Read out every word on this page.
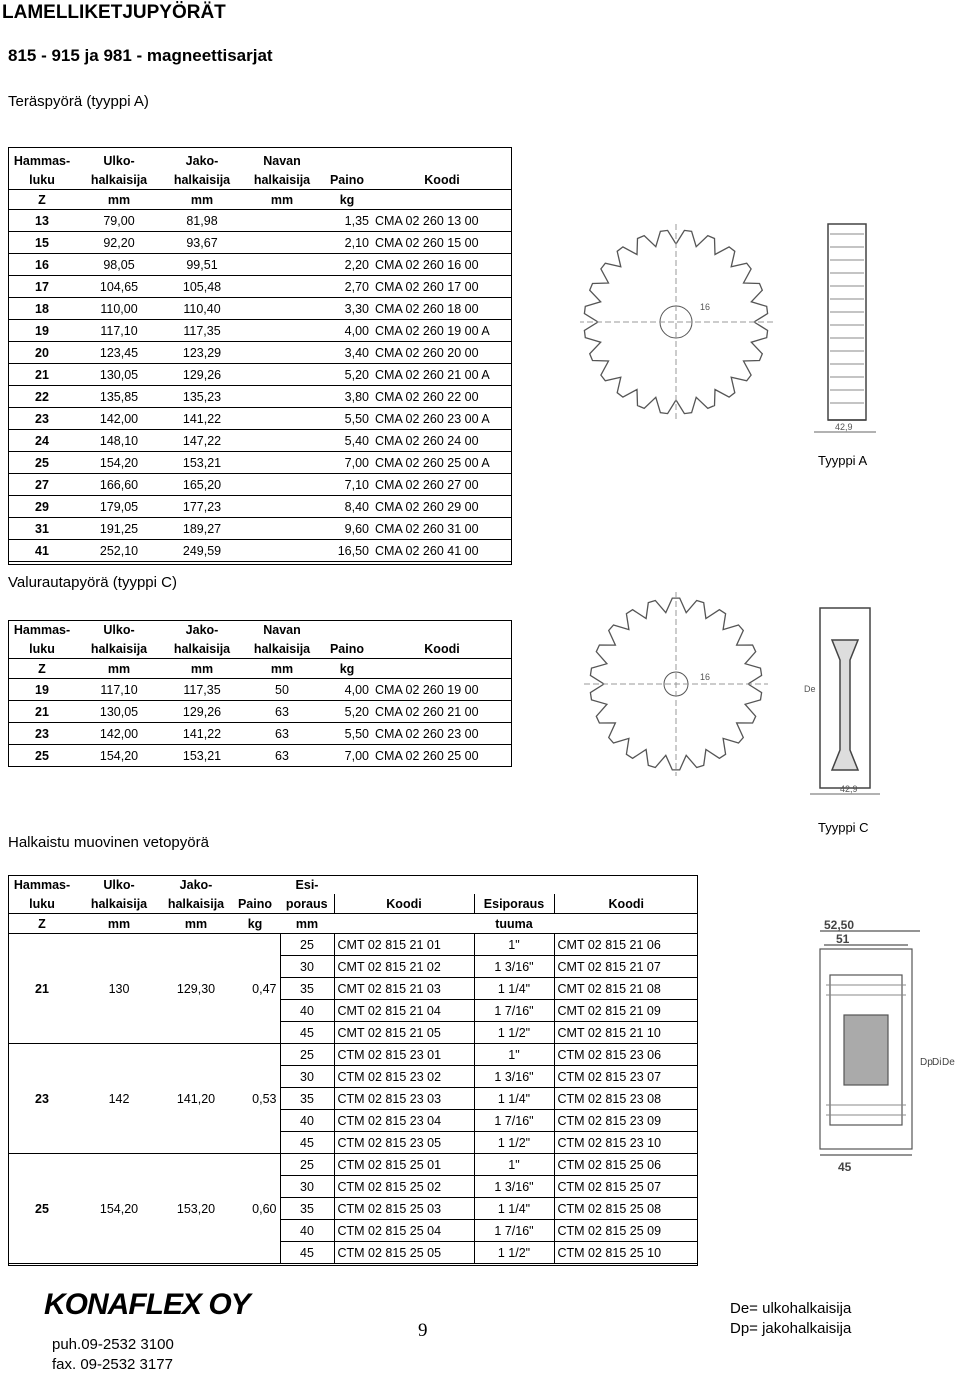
LAMELLIKETJUPYÖRÄT
815 - 915 ja 981 - magneettisarjat
Teräspyörä (tyyppi A)
Hammas-	Ulko-	Jako-	Navan		
luku	halkaisija	halkaisija	halkaisija	Paino	Koodi
Z	mm	mm	mm	kg	
13	79,00	81,98		1,35	CMA 02 260 13 00
15	92,20	93,67		2,10	CMA 02 260 15 00
16	98,05	99,51		2,20	CMA 02 260 16 00
17	104,65	105,48		2,70	CMA 02 260 17 00
18	110,00	110,40		3,30	CMA 02 260 18 00
19	117,10	117,35		4,00	CMA 02 260 19 00 A
20	123,45	123,29		3,40	CMA 02 260 20 00
21	130,05	129,26		5,20	CMA 02 260 21 00 A
22	135,85	135,23		3,80	CMA 02 260 22 00
23	142,00	141,22		5,50	CMA 02 260 23 00 A
24	148,10	147,22		5,40	CMA 02 260 24 00
25	154,20	153,21		7,00	CMA 02 260 25 00 A
27	166,60	165,20		7,10	CMA 02 260 27 00
29	179,05	177,23		8,40	CMA 02 260 29 00
31	191,25	189,27		9,60	CMA 02 260 31 00
41	252,10	249,59		16,50	CMA 02 260 41 00
42,9
16
Tyyppi A
Valurautapyörä (tyyppi C)
Hammas-	Ulko-	Jako-	Navan		
luku	halkaisija	halkaisija	halkaisija	Paino	Koodi
Z	mm	mm	mm	kg	
19	117,10	117,35	50	4,00	CMA 02 260 19 00
21	130,05	129,26	63	5,20	CMA 02 260 21 00
23	142,00	141,22	63	5,50	CMA 02 260 23 00
25	154,20	153,21	63	7,00	CMA 02 260 25 00
42,9
16
De
Tyyppi C
Halkaistu muovinen vetopyörä
Hammas-	Ulko-	Jako-		Esi-			
luku	halkaisija	halkaisija	Paino	poraus	Koodi	Esiporaus	Koodi
Z	mm	mm	kg	mm		tuuma	
21	130	129,30	0,47	25	CMT 02 815 21 01	1"	CMT 02 815 21 06
				30	CMT 02 815 21 02	1 3/16"	CMT 02 815 21 07
				35	CMT 02 815 21 03	1 1/4"	CMT 02 815 21 08
				40	CMT 02 815 21 04	1 7/16"	CMT 02 815 21 09
				45	CMT 02 815 21 05	1 1/2"	CMT 02 815 21 10
23	142	141,20	0,53	25	CTM 02 815 23 01	1"	CTM 02 815 23 06
				30	CTM 02 815 23 02	1 3/16"	CTM 02 815 23 07
				35	CTM 02 815 23 03	1 1/4"	CTM 02 815 23 08
				40	CTM 02 815 23 04	1 7/16"	CTM 02 815 23 09
				45	CTM 02 815 23 05	1 1/2"	CTM 02 815 23 10
25	154,20	153,20	0,60	25	CTM 02 815 25 01	1"	CTM 02 815 25 06
				30	CTM 02 815 25 02	1 3/16"	CTM 02 815 25 07
				35	CTM 02 815 25 03	1 1/4"	CTM 02 815 25 08
				40	CTM 02 815 25 04	1 7/16"	CTM 02 815 25 09
				45	CTM 02 815 25 05	1 1/2"	CTM 02 815 25 10
52,50
51
45
Dp Di De
KONAFLEX OY
puh.09-2532 3100
fax. 09-2532 3177
9
De= ulkohalkaisija
Dp= jakohalkaisija
